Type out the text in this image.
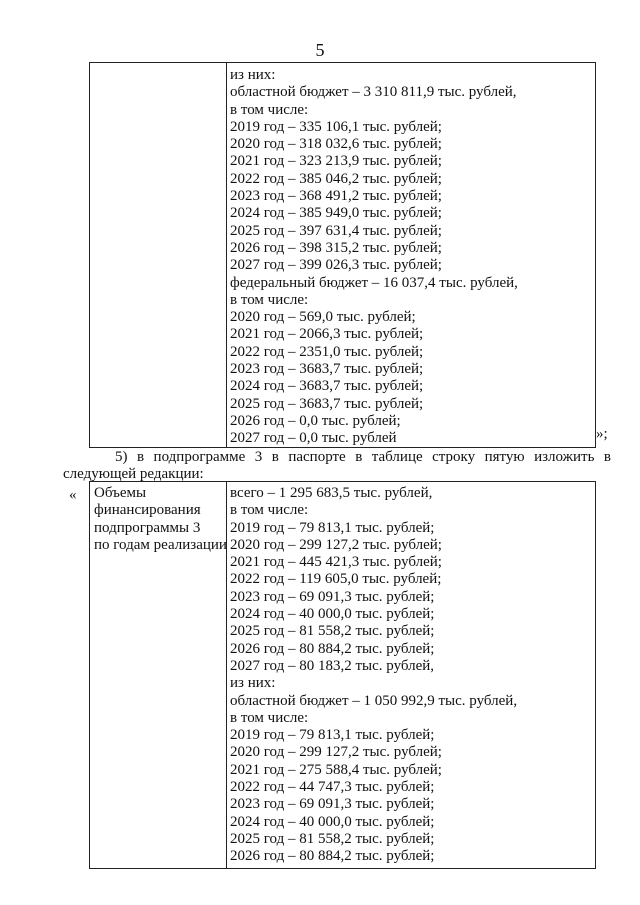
5
из них:
областной бюджет – 3 310 811,9 тыс. рублей,
в том числе:
2019 год – 335 106,1 тыс. рублей;
2020 год – 318 032,6 тыс. рублей;
2021 год – 323 213,9 тыс. рублей;
2022 год – 385 046,2 тыс. рублей;
2023 год – 368 491,2 тыс. рублей;
2024 год – 385 949,0 тыс. рублей;
2025 год – 397 631,4 тыс. рублей;
2026 год – 398 315,2 тыс. рублей;
2027 год – 399 026,3 тыс. рублей;
федеральный бюджет – 16 037,4 тыс. рублей,
в том числе:
2020 год – 569,0 тыс. рублей;
2021 год – 2066,3 тыс. рублей;
2022 год – 2351,0 тыс. рублей;
2023 год – 3683,7 тыс. рублей;
2024 год – 3683,7 тыс. рублей;
2025 год – 3683,7 тыс. рублей;
2026 год – 0,0 тыс. рублей;
2027 год – 0,0 тыс. рублей	»;
5) в подпрограмме 3 в паспорте в таблице строку пятую изложить в
следующей редакции:
« Объемы
финансирования
подпрограммы 3
по годам реализации
всего – 1 295 683,5 тыс. рублей,
в том числе:
2019 год – 79 813,1 тыс. рублей;
2020 год – 299 127,2 тыс. рублей;
2021 год – 445 421,3 тыс. рублей;
2022 год – 119 605,0 тыс. рублей;
2023 год – 69 091,3 тыс. рублей;
2024 год – 40 000,0 тыс. рублей;
2025 год – 81 558,2 тыс. рублей;
2026 год – 80 884,2 тыс. рублей;
2027 год – 80 183,2 тыс. рублей,
из них:
областной бюджет – 1 050 992,9 тыс. рублей,
в том числе:
2019 год – 79 813,1 тыс. рублей;
2020 год – 299 127,2 тыс. рублей;
2021 год – 275 588,4 тыс. рублей;
2022 год – 44 747,3 тыс. рублей;
2023 год – 69 091,3 тыс. рублей;
2024 год – 40 000,0 тыс. рублей;
2025 год – 81 558,2 тыс. рублей;
2026 год – 80 884,2 тыс. рублей;
